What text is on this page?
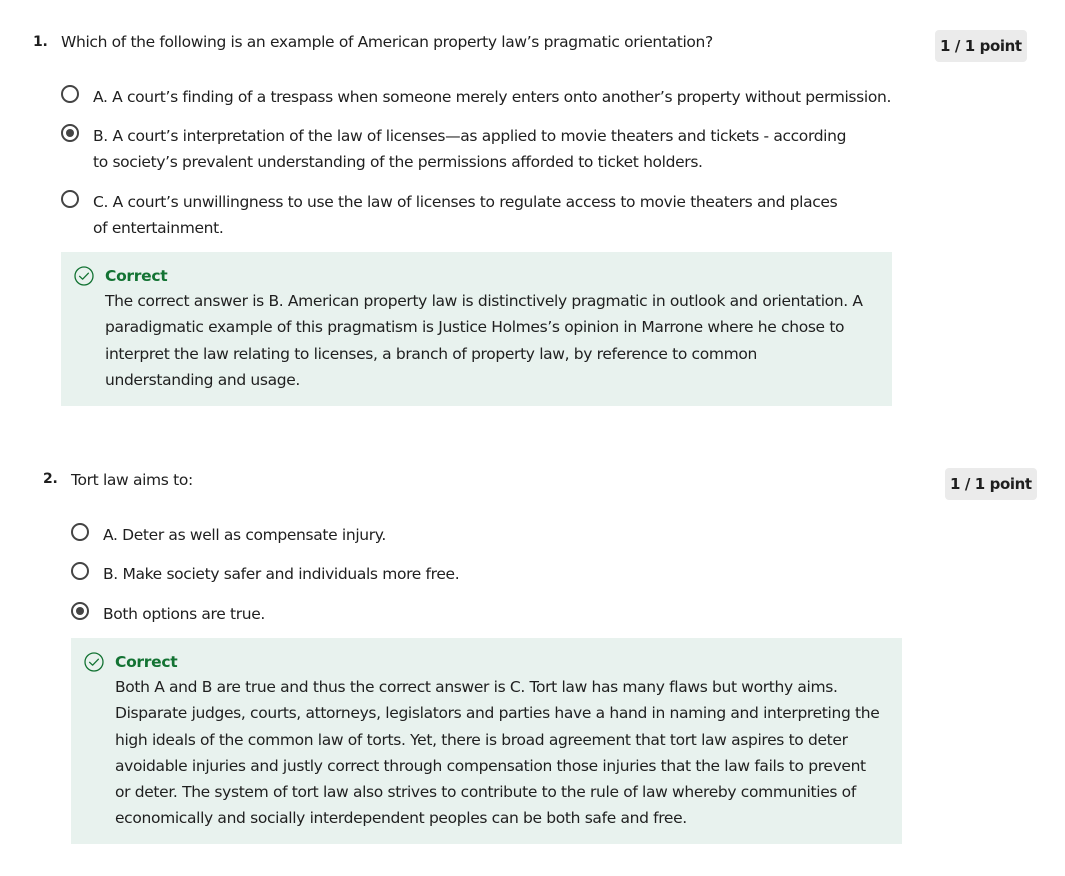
1. Which of the following is an example of American property law’s pragmatic orientation?	1 / 1 point
A. A court’s finding of a trespass when someone merely enters onto another’s property without permission.
B. A court’s interpretation of the law of licenses—as applied to movie theaters and tickets - according to society’s prevalent understanding of the permissions afforded to ticket holders.
C. A court’s unwillingness to use the law of licenses to regulate access to movie theaters and places of entertainment.
Correct
The correct answer is B. American property law is distinctively pragmatic in outlook and orientation. A paradigmatic example of this pragmatism is Justice Holmes’s opinion in Marrone where he chose to interpret the law relating to licenses, a branch of property law, by reference to common understanding and usage.
2. Tort law aims to:	1 / 1 point
A. Deter as well as compensate injury.
B. Make society safer and individuals more free.
Both options are true.
Correct
Both A and B are true and thus the correct answer is C. Tort law has many flaws but worthy aims. Disparate judges, courts, attorneys, legislators and parties have a hand in naming and interpreting the high ideals of the common law of torts. Yet, there is broad agreement that tort law aspires to deter avoidable injuries and justly correct through compensation those injuries that the law fails to prevent or deter. The system of tort law also strives to contribute to the rule of law whereby communities of economically and socially interdependent peoples can be both safe and free.
